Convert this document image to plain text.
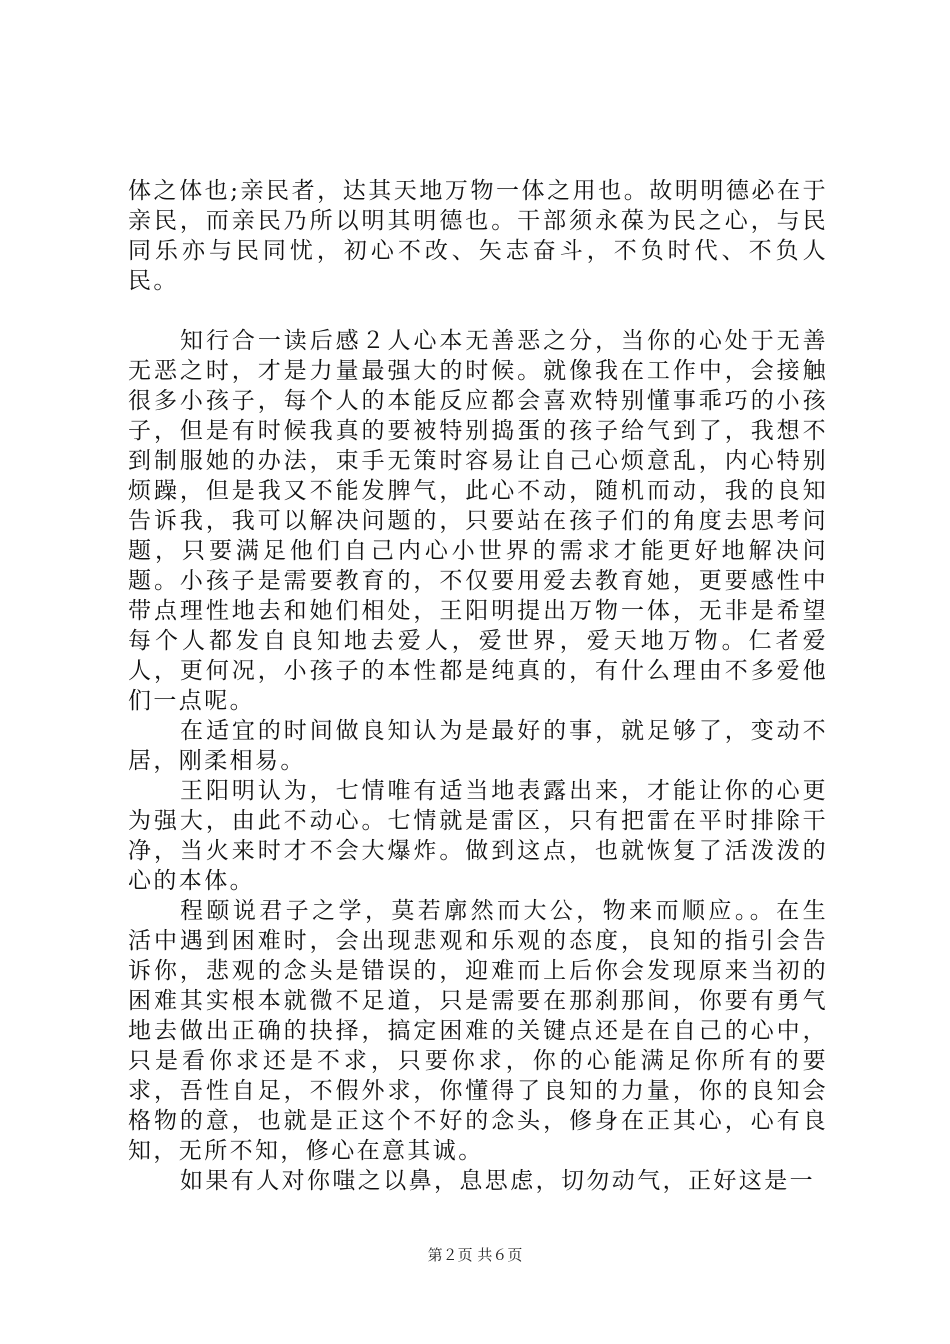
体之体也;亲民者，达其天地万物一体之用也。故明明德必在于亲民，而亲民乃所以明其明德也。干部须永葆为民之心，与民同乐亦与民同忧，初心不改、矢志奋斗，不负时代、不负人民。

知行合一读后感２人心本无善恶之分，当你的心处于无善无恶之时，才是力量最强大的时候。就像我在工作中，会接触很多小孩子，每个人的本能反应都会喜欢特别懂事乖巧的小孩子，但是有时候我真的要被特别捣蛋的孩子给气到了，我想不到制服她的办法，束手无策时容易让自己心烦意乱，内心特别烦躁，但是我又不能发脾气，此心不动，随机而动，我的良知告诉我，我可以解决问题的，只要站在孩子们的角度去思考问题，只要满足他们自己内心小世界的需求才能更好地解决问题。小孩子是需要教育的，不仅要用爱去教育她，更要感性中带点理性地去和她们相处，王阳明提出万物一体，无非是希望每个人都发自良知地去爱人，爱世界，爱天地万物。仁者爱人，更何况，小孩子的本性都是纯真的，有什么理由不多爱他们一点呢。

在适宜的时间做良知认为是最好的事，就足够了，变动不居，刚柔相易。

王阳明认为，七情唯有适当地表露出来，才能让你的心更为强大，由此不动心。七情就是雷区，只有把雷在平时排除干净，当火来时才不会大爆炸。做到这点，也就恢复了活泼泼的心的本体。

程颐说君子之学，莫若廓然而大公，物来而顺应。。在生活中遇到困难时，会出现悲观和乐观的态度，良知的指引会告诉你，悲观的念头是错误的，迎难而上后你会发现原来当初的困难其实根本就微不足道，只是需要在那刹那间，你要有勇气地去做出正确的抉择，搞定困难的关键点还是在自己的心中，只是看你求还是不求，只要你求，你的心能满足你所有的要求，吾性自足，不假外求，你懂得了良知的力量，你的良知会格物的意，也就是正这个不好的念头，修身在正其心，心有良知，无所不知，修心在意其诚。

如果有人对你嗤之以鼻，息思虑，切勿动气，正好这是一

第２页 共６页
